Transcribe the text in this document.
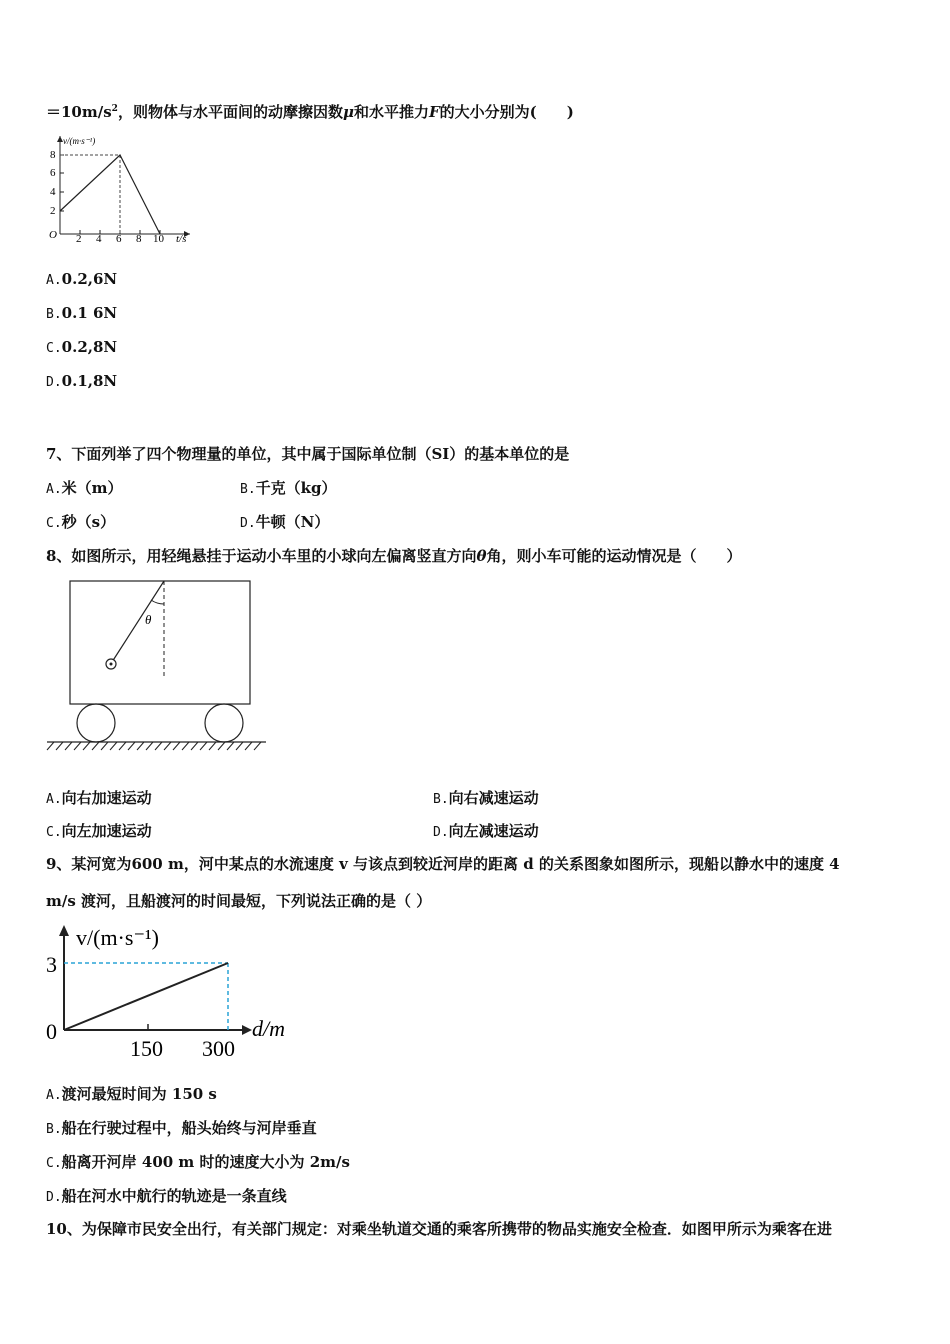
$=10m/s^2$，则物体与水平面间的动摩擦因数μ和水平推力F的大小分别为(　　)
v/(m·s⁻¹)
2
4
6
8
O 2 4 6 8 10 t/s
A.0.2,6N
B.0.1 6N
C.0.2,8N
D.0.1,8N
7、下面列举了四个物理量的单位，其中属于国际单位制（SI）的基本单位的是
A.米（m）	B.千克（kg）
C.秒（s）	D.牛顿（N）
8、如图所示，用轻绳悬挂于运动小车里的小球向左偏离竖直方向θ角，则小车可能的运动情况是（　　）
θ
A.向右加速运动	B.向右减速运动
C.向左加速运动	D.向左减速运动
9、某河宽为600 m，河中某点的水流速度 v 与该点到较近河岸的距离 d 的关系图象如图所示，现船以静水中的速度 4
m/s 渡河，且船渡河的时间最短，下列说法正确的是（ ）
v/(m·s⁻¹)
3
0
150 300
d/m
A.渡河最短时间为 150 s
B.船在行驶过程中，船头始终与河岸垂直
C.船离开河岸 400 m 时的速度大小为 2m/s
D.船在河水中航行的轨迹是一条直线
10、为保障市民安全出行，有关部门规定：对乘坐轨道交通的乘客所携带的物品实施安全检查．如图甲所示为乘客在进
